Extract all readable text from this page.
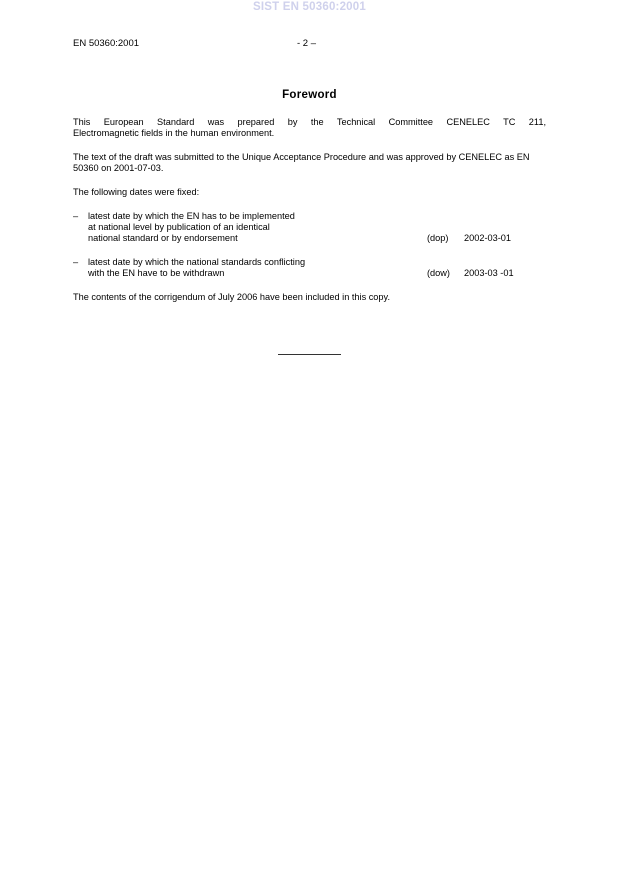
SIST EN 50360:2001
EN 50360:2001	- 2 –
Foreword
This European Standard was prepared by the Technical Committee CENELEC TC 211,
Electromagnetic fields in the human environment.
The text of the draft was submitted to the Unique Acceptance Procedure and was approved by CENELEC as EN 50360 on 2001-07-03.
The following dates were fixed:
– latest date by which the EN has to be implemented
at national level by publication of an identical
national standard or by endorsement	(dop) 2002-03-01
– latest date by which the national standards conflicting
with the EN have to be withdrawn	(dow) 2003-03 -01
The contents of the corrigendum of July 2006 have been included in this copy.
